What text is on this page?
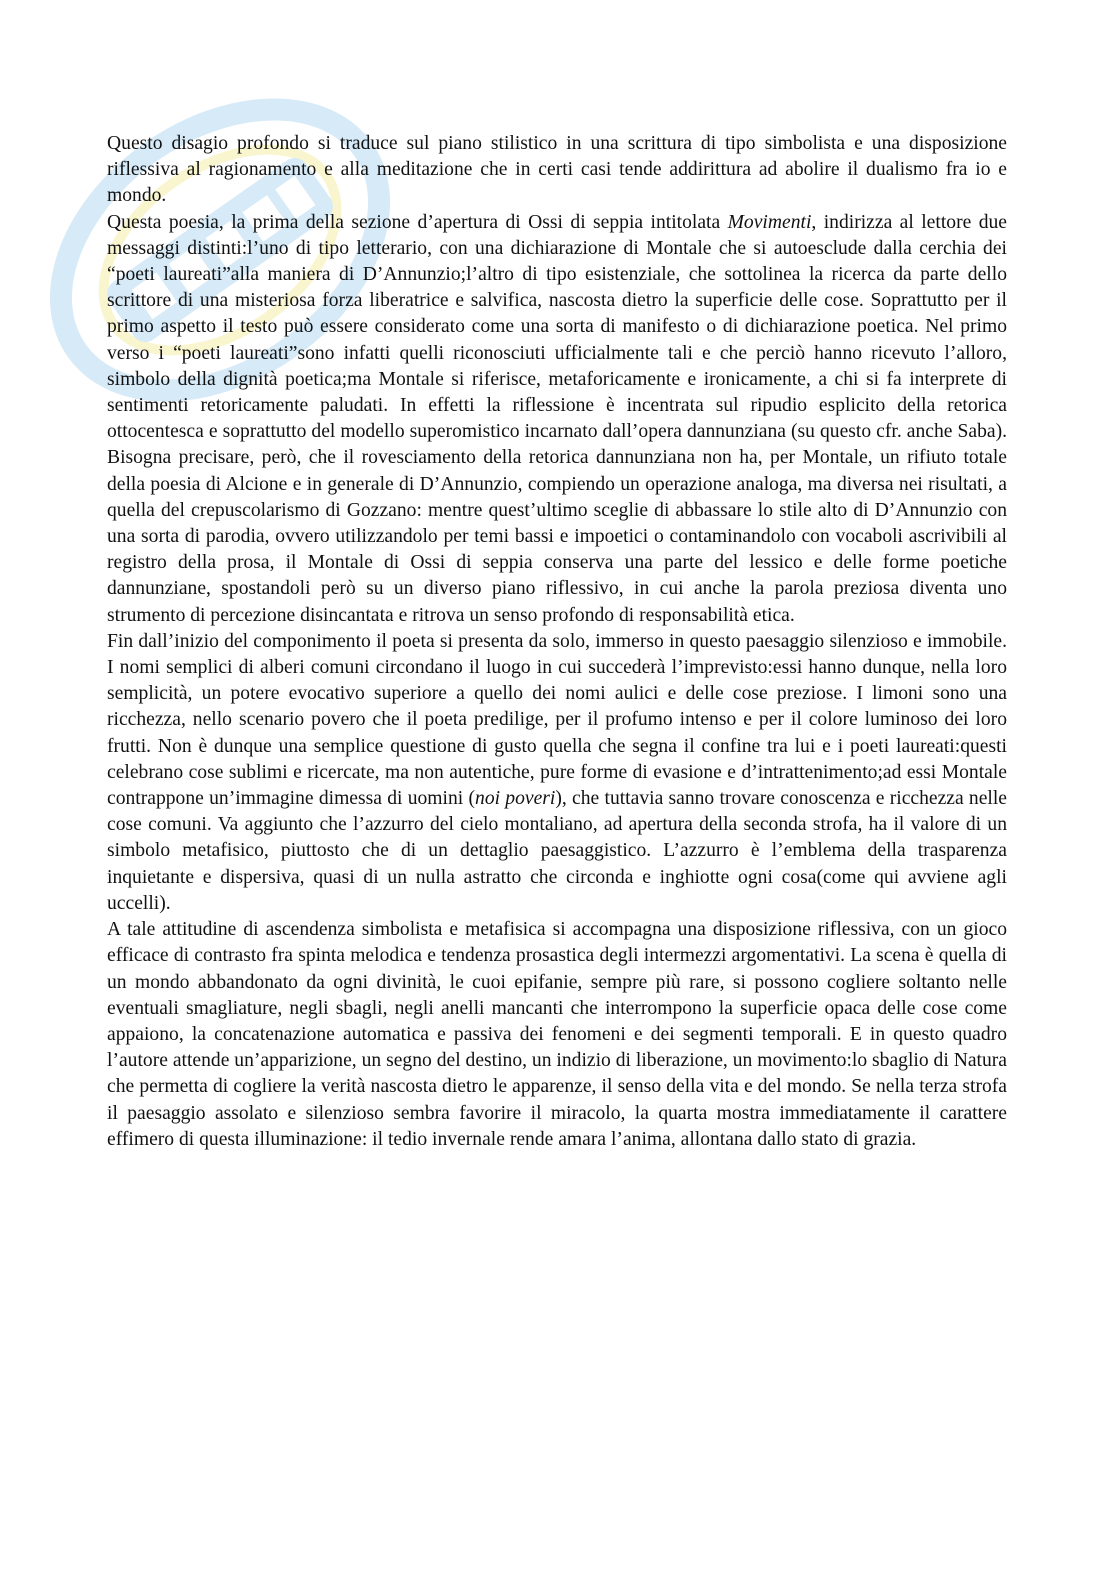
Questo disagio profondo si traduce sul piano stilistico in una scrittura di tipo simbolista e una disposizione riflessiva al ragionamento e alla meditazione che in certi casi tende addirittura ad abolire il dualismo fra io e mondo.

Questa poesia, la prima della sezione d’apertura di Ossi di seppia intitolata Movimenti, indirizza al lettore due messaggi distinti:l’uno di tipo letterario, con una dichiarazione di Montale che si autoesclude dalla cerchia dei “poeti laureati”alla maniera di D’Annunzio;l’altro di tipo esistenziale, che sottolinea la ricerca da parte dello scrittore di una misteriosa forza liberatrice e salvifica, nascosta dietro la superficie delle cose. Soprattutto per il primo aspetto il testo può essere considerato come una sorta di manifesto o di dichiarazione poetica. Nel primo verso i “poeti laureati”sono infatti quelli riconosciuti ufficialmente tali e che perciò hanno ricevuto l’alloro, simbolo della dignità poetica;ma Montale si riferisce, metaforicamente e ironicamente, a chi si fa interprete di sentimenti retoricamente paludati. In effetti la riflessione è incentrata sul ripudio esplicito della retorica ottocentesca e soprattutto del modello superomistico incarnato dall’opera dannunziana (su questo cfr. anche Saba). Bisogna precisare, però, che il rovesciamento della retorica dannunziana non ha, per Montale, un rifiuto totale della poesia di Alcione e in generale di D’Annunzio, compiendo un operazione analoga, ma diversa nei risultati, a quella del crepuscolarismo di Gozzano: mentre quest’ultimo sceglie di abbassare lo stile alto di D’Annunzio con una sorta di parodia, ovvero utilizzandolo per temi bassi e impoetici o contaminandolo con vocaboli ascrivibili al registro della prosa, il Montale di Ossi di seppia conserva una parte del lessico e delle forme poetiche dannunziane, spostandoli però su un diverso piano riflessivo, in cui anche la parola preziosa diventa uno strumento di percezione disincantata e ritrova un senso profondo di responsabilità etica.

Fin dall’inizio del componimento il poeta si presenta da solo, immerso in questo paesaggio silenzioso e immobile. I nomi semplici di alberi comuni circondano il luogo in cui succederà l’imprevisto:essi hanno dunque, nella loro semplicità, un potere evocativo superiore a quello dei nomi aulici e delle cose preziose. I limoni sono una ricchezza, nello scenario povero che il poeta predilige, per il profumo intenso e per il colore luminoso dei loro frutti. Non è dunque una semplice questione di gusto quella che segna il confine tra lui e i poeti laureati:questi celebrano cose sublimi e ricercate, ma non autentiche, pure forme di evasione e d’intrattenimento;ad essi Montale contrappone un’immagine dimessa di uomini (noi poveri), che tuttavia sanno trovare conoscenza e ricchezza nelle cose comuni. Va aggiunto che l’azzurro del cielo montaliano, ad apertura della seconda strofa, ha il valore di un simbolo metafisico, piuttosto che di un dettaglio paesaggistico. L’azzurro è l’emblema della trasparenza inquietante e dispersiva, quasi di un nulla astratto che circonda e inghiotte ogni cosa(come qui avviene agli uccelli).

A tale attitudine di ascendenza simbolista e metafisica si accompagna una disposizione riflessiva, con un gioco efficace di contrasto fra spinta melodica e tendenza prosastica degli intermezzi argomentativi. La scena è quella di un mondo abbandonato da ogni divinità, le cuoi epifanie, sempre più rare, si possono cogliere soltanto nelle eventuali smagliature, negli sbagli, negli anelli mancanti che interrompono la superficie opaca delle cose come appaiono, la concatenazione automatica e passiva dei fenomeni e dei segmenti temporali. E in questo quadro l’autore attende un’apparizione, un segno del destino, un indizio di liberazione, un movimento:lo sbaglio di Natura che permetta di cogliere la verità nascosta dietro le apparenze, il senso della vita e del mondo. Se nella terza strofa il paesaggio assolato e silenzioso sembra favorire il miracolo, la quarta mostra immediatamente il carattere effimero di questa illuminazione: il tedio invernale rende amara l’anima, allontana dallo stato di grazia.
